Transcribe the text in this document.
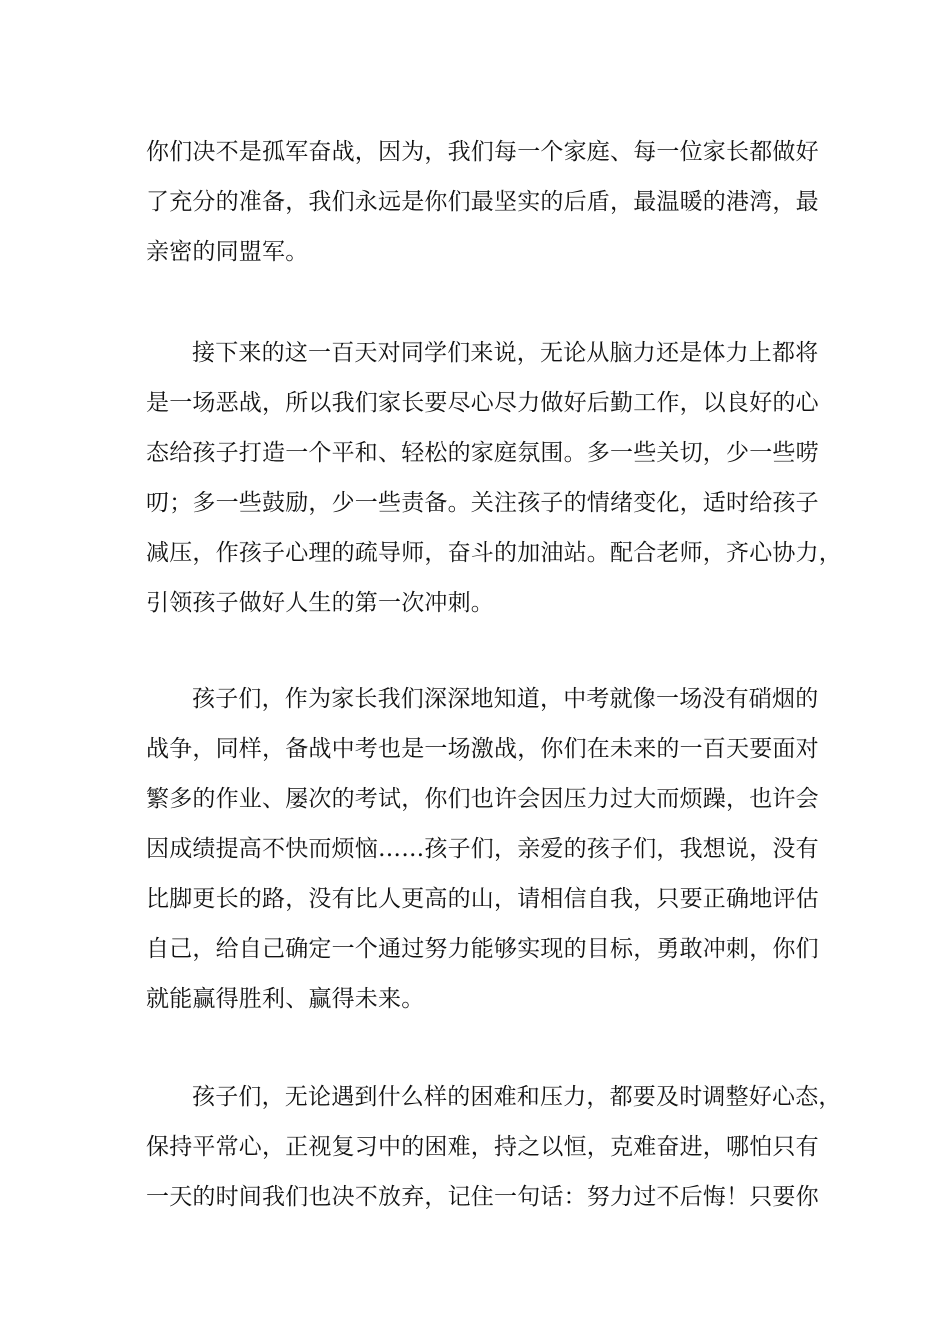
你们决不是孤军奋战，因为，我们每一个家庭、每一位家长都做好
了充分的准备，我们永远是你们最坚实的后盾，最温暖的港湾，最
亲密的同盟军。

接下来的这一百天对同学们来说，无论从脑力还是体力上都将
是一场恶战，所以我们家长要尽心尽力做好后勤工作，以良好的心
态给孩子打造一个平和、轻松的家庭氛围。多一些关切，少一些唠
叨；多一些鼓励，少一些责备。关注孩子的情绪变化，适时给孩子
减压，作孩子心理的疏导师，奋斗的加油站。配合老师，齐心协力，
引领孩子做好人生的第一次冲刺。

孩子们，作为家长我们深深地知道，中考就像一场没有硝烟的
战争，同样，备战中考也是一场激战，你们在未来的一百天要面对
繁多的作业、屡次的考试，你们也许会因压力过大而烦躁，也许会
因成绩提高不快而烦恼……孩子们，亲爱的孩子们，我想说，没有
比脚更长的路，没有比人更高的山，请相信自我，只要正确地评估
自己，给自己确定一个通过努力能够实现的目标，勇敢冲刺，你们
就能赢得胜利、赢得未来。

孩子们，无论遇到什么样的困难和压力，都要及时调整好心态，
保持平常心，正视复习中的困难，持之以恒，克难奋进，哪怕只有
一天的时间我们也决不放弃，记住一句话：努力过不后悔！只要你
